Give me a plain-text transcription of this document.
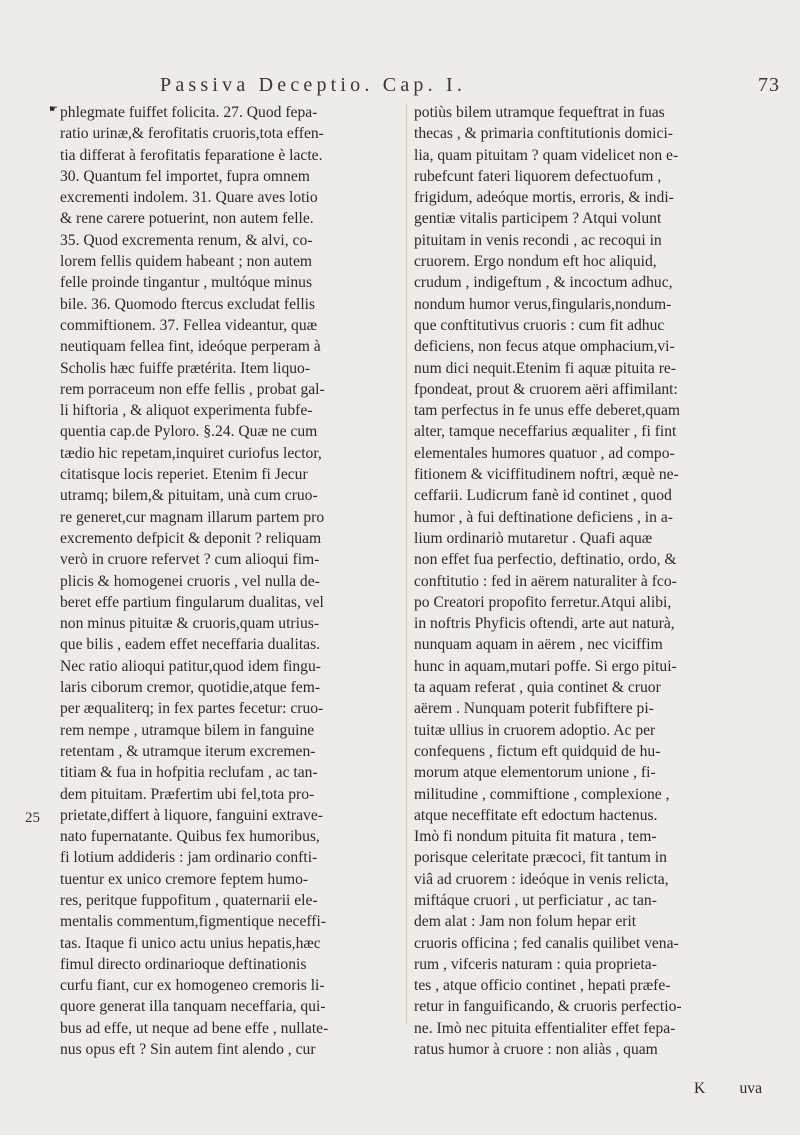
Passiva Deceptio. Cap. I.	73
☛ phlegmate fuiffet folicita. 27. Quod fepa-
ratio urinæ,& ferofitatis cruoris,tota effen-
tia differat à ferofitatis feparatione è lacte.
30. Quantum fel importet, fupra omnem
excrementi indolem. 31. Quare aves lotio
& rene carere potuerint, non autem felle.
35. Quod excrementa renum, & alvi, co-
lorem fellis quidem habeant ; non autem
felle proinde tingantur , multóque minus
bile. 36. Quomodo ftercus excludat fellis
commiftionem. 37. Fellea videantur, quæ
neutiquam fellea fint, ideóque perperam à
Scholis hæc fuiffe prætérita. Item liquo-
rem porraceum non effe fellis , probat gal-
li hiftoria , & aliquot experimenta fubfe-
quentia cap.de Pyloro. §.24. Quæ ne cum
tædio hic repetam,inquiret curiofus lector,
citatisque locis reperiet. Etenim fi Jecur
utramq; bilem,& pituitam, unà cum cruo-
re generet,cur magnam illarum partem pro
excremento defpicit & deponit ? reliquam
verò in cruore refervet ? cum alioqui fim-
plicis & homogenei cruoris , vel nulla de-
beret effe partium fingularum dualitas, vel
non minus pituitæ & cruoris,quam utrius-
que bilis , eadem effet neceffaria dualitas.
Nec ratio alioqui patitur,quod idem fingu-
laris ciborum cremor, quotidie,atque fem-
per æqualiterq; in fex partes fecetur: cruo-
rem nempe , utramque bilem in fanguine
retentam , & utramque iterum excremen-
titiam & fua in hofpitia reclufam , ac tan-
dem pituitam. Præfertim ubi fel,tota pro-
prietate,differt à liquore, fanguini extrave-
nato fupernatante. Quibus fex humoribus,
fi lotium addideris : jam ordinario confti-
tuentur ex unico cremore feptem humo-
res, peritque fuppofitum , quaternarii ele-
mentalis commentum,figmentique neceffi-
tas. Itaque fi unico actu unius hepatis,hæc
fimul directo ordinarioque deftinationis
curfu fiant, cur ex homogeneo cremoris li-
quore generat illa tanquam neceffaria, qui-
bus ad effe, ut neque ad bene effe , nullate-
nus opus eft ? Sin autem fint alendo , cur
potiùs bilem utramque fequeftrat in fuas
thecas , & primaria conftitutionis domici-
lia, quam pituitam ? quam videlicet non e-
rubefcunt fateri liquorem defectuofum ,
frigidum, adeóque mortis, erroris, & indi-
gentiæ vitalis participem ? Atqui volunt
pituitam in venis recondi , ac recoqui in
cruorem. Ergo nondum eft hoc aliquid,
crudum , indigeftum , & incoctum adhuc,
nondum humor verus,fingularis,nondum-
que conftitutivus cruoris : cum fit adhuc
deficiens, non fecus atque omphacium,vi-
num dici nequit.Etenim fi aquæ pituita re-
fpondeat, prout & cruorem aëri affimilant:
tam perfectus in fe unus effe deberet,quam
alter, tamque neceffarius æqualiter , fi fint
elementales humores quatuor , ad compo-
fitionem & viciffitudinem noftri, æquè ne-
ceffarii. Ludicrum fanè id continet , quod
humor , à fui deftinatione deficiens , in a-
lium ordinariò mutaretur . Quafi aquæ
non effet fua perfectio, deftinatio, ordo, &
conftitutio : fed in aërem naturaliter à fco-
po Creatori propofito ferretur.Atqui alibi,
in noftris Phyficis oftendi, arte aut naturà,
nunquam aquam in aërem , nec viciffim
hunc in aquam,mutari poffe. Si ergo pitui-
ta aquam referat , quia continet & cruor
aërem . Nunquam poterit fubfiftere pi-
tuitæ ullius in cruorem adoptio. Ac per
confequens , fictum eft quidquid de hu-
morum atque elementorum unione , fi-
militudine , commiftione , complexione ,
atque neceffitate eft edoctum hactenus.
Imò fi nondum pituita fit matura , tem-
porisque celeritate præcoci, fit tantum in
viâ ad cruorem : ideóque in venis relicta,
miftáque cruori , ut perficiatur , ac tan-
dem alat : Jam non folum hepar erit
cruoris officina ; fed canalis quilibet vena-
rum , vifceris naturam : quia proprieta-
tes , atque officio continet , hepati præfe-
retur in fanguificando, & cruoris perfectio-
ne. Imò nec pituita effentialiter effet fepa-
ratus humor à cruore : non aliàs , quam
25
K uva
